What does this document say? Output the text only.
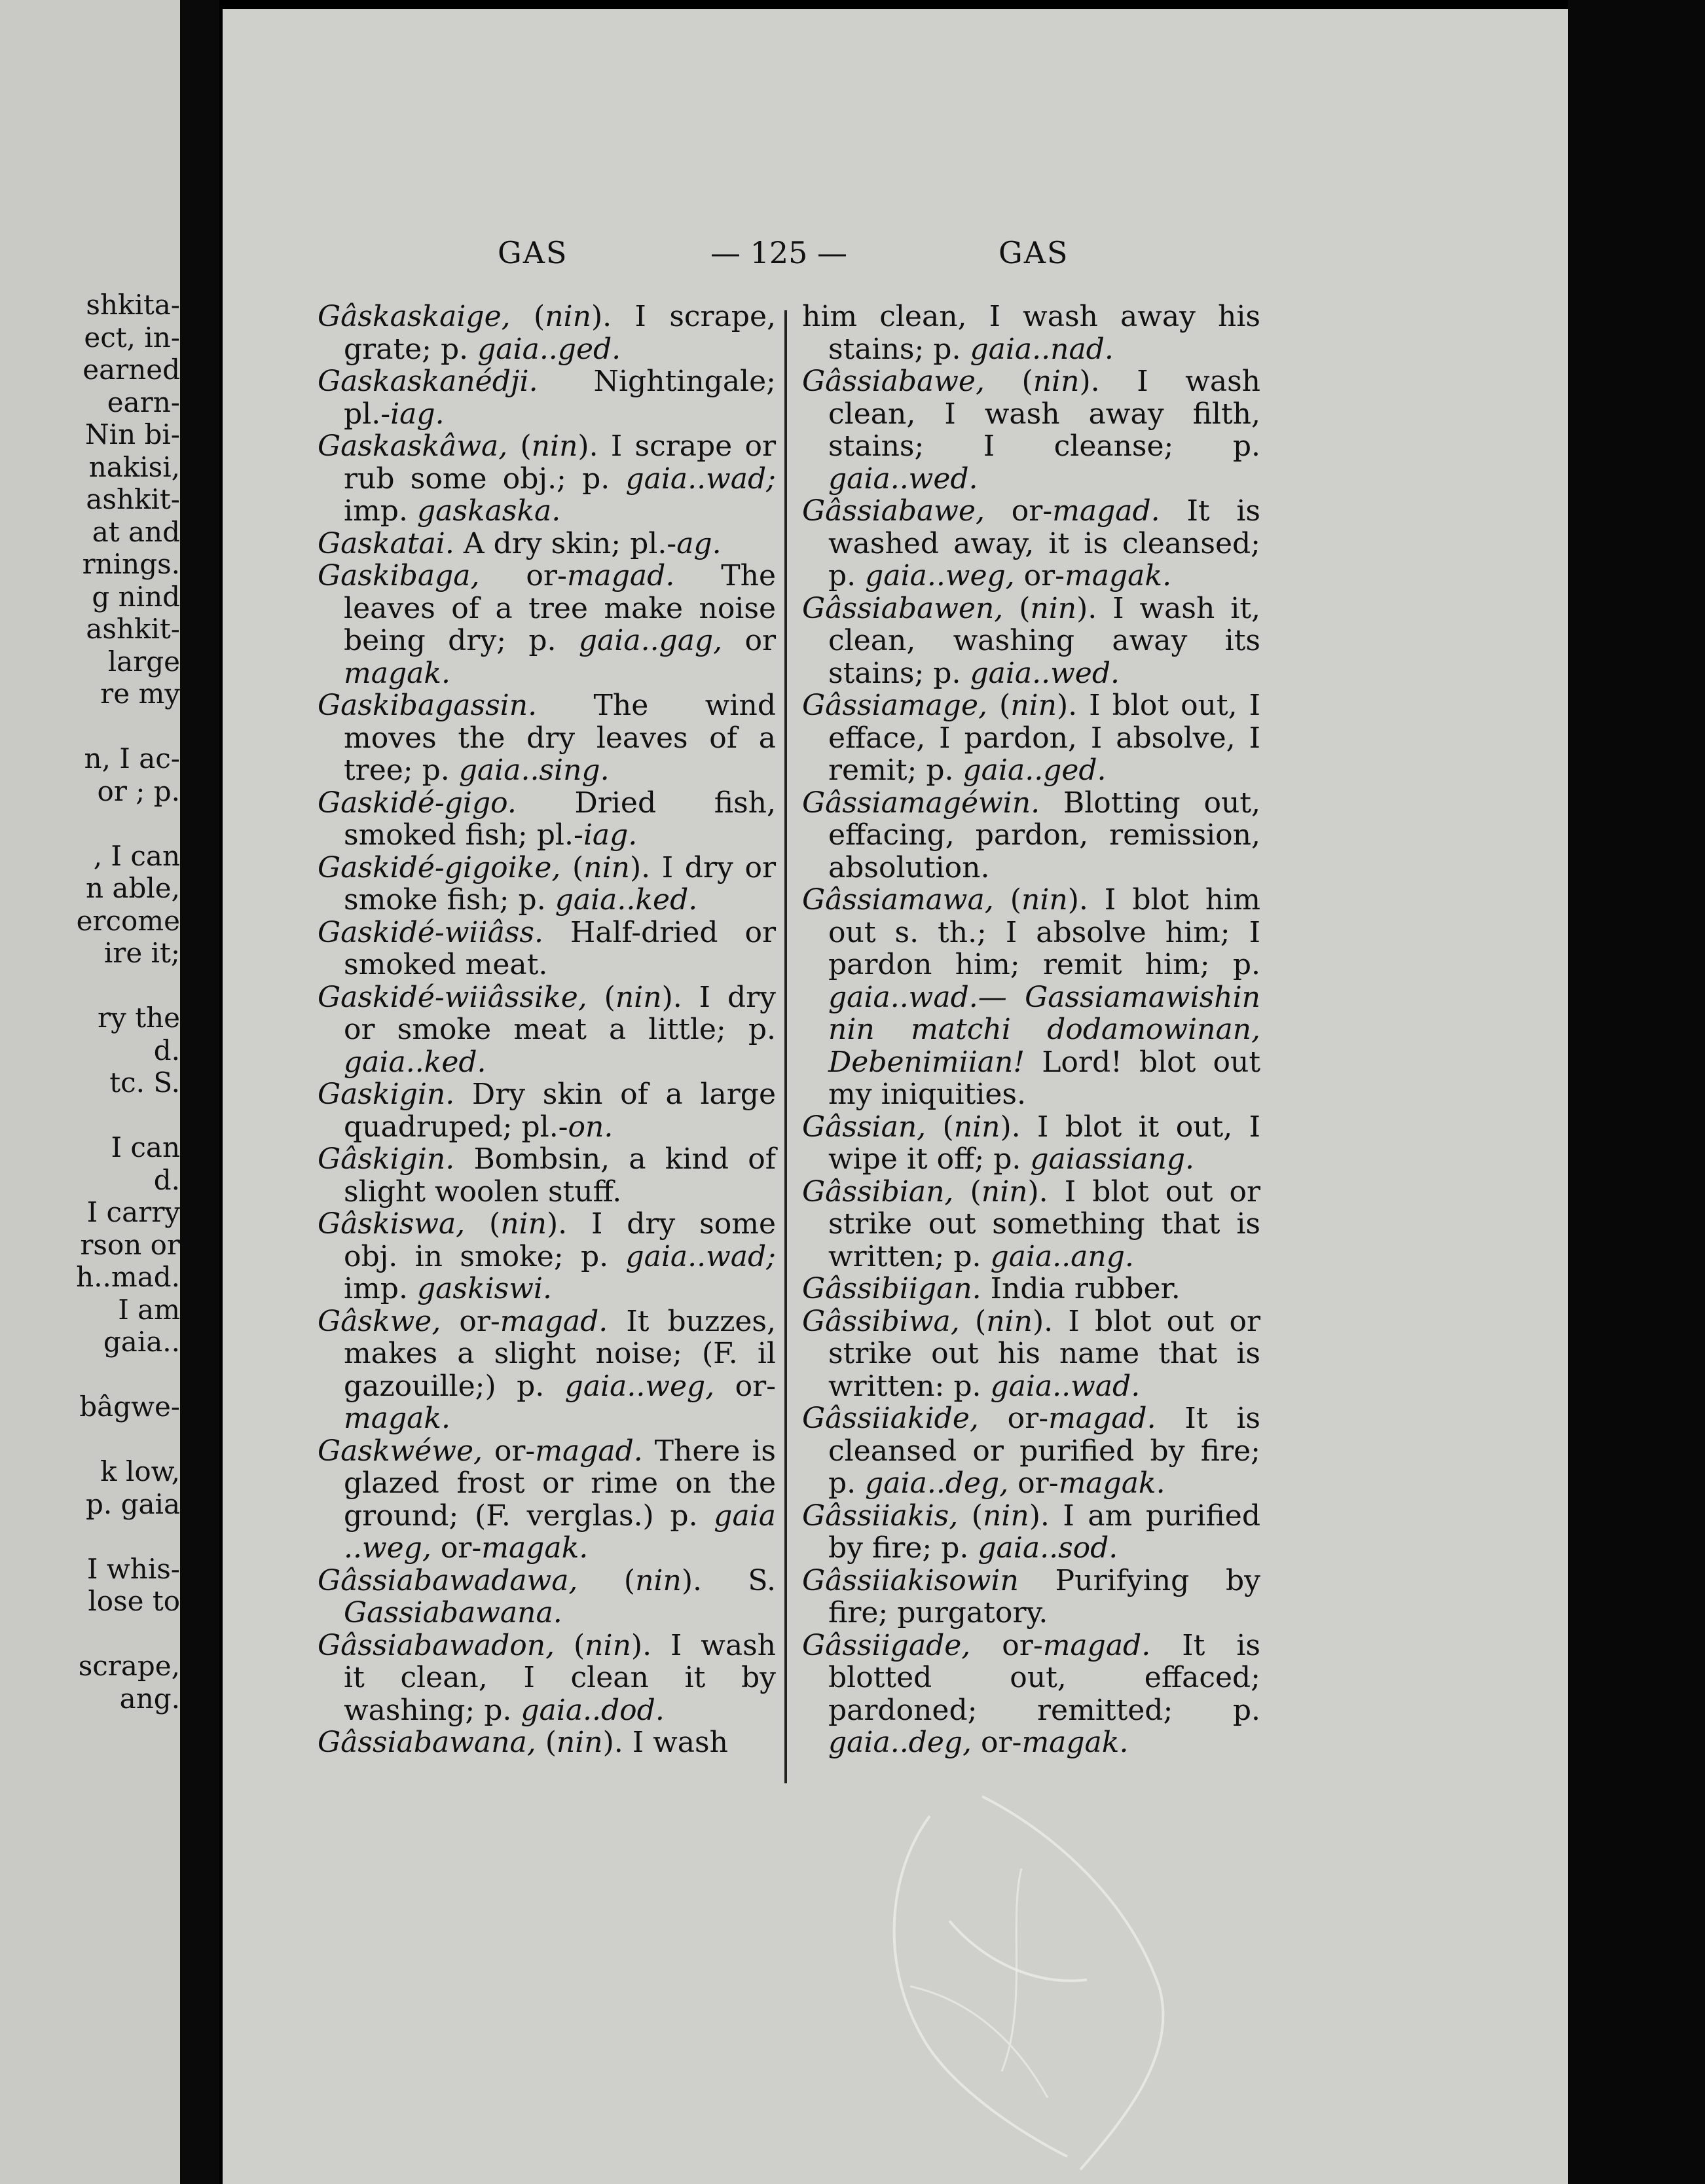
shkita-
ect, in-
earned
earn-
Nin bi-
nakisi,
ashkit-
at and
rnings.
g nind
ashkit-
large
re my
n, I ac-
or ; p.
, I can
n able,
ercome
ire it;
ry the
d.
tc. S.
I can
d.
I carry
rson or
h..mad.
I am
gaia..
bâgwe-
k low,
p. gaia
I whis-
lose to
scrape,
ang.
GAS	— 125 —	GAS

Gâskaskaige, (nin). I scrape, grate; p. gaia..ged.

Gaskaskanédji. Nightingale; pl.-iag.

Gaskaskâwa, (nin). I scrape or rub some obj.; p. gaia..wad; imp. gaskaska.

Gaskatai. A dry skin; pl.-ag.

Gaskibaga, or-magad. The leaves of a tree make noise being dry; p. gaia..gag, or magak.

Gaskibagassin. The wind moves the dry leaves of a tree; p. gaia..sing.

Gaskidé-gigo. Dried fish, smoked fish; pl.-iag.

Gaskidé-gigoike, (nin). I dry or smoke fish; p. gaia..ked.

Gaskidé-wiiâss. Half-dried or smoked meat.

Gaskidé-wiiâssike, (nin). I dry or smoke meat a little; p. gaia..ked.

Gaskigin. Dry skin of a large quadruped; pl.-on.

Gâskigin. Bombsin, a kind of slight woolen stuff.

Gâskiswa, (nin). I dry some obj. in smoke; p. gaia..wad; imp. gaskiswi.

Gâskwe, or-magad. It buzzes, makes a slight noise; (F. il gazouille;) p. gaia..weg, or-magak.

Gaskwéwe, or-magad. There is glazed frost or rime on the ground; (F. verglas.) p. gaia ..weg, or-magak.

Gâssiabawadawa, (nin). S. Gassiabawana.

Gâssiabawadon, (nin). I wash it clean, I clean it by washing; p. gaia..dod.

Gâssiabawana, (nin). I wash

him clean, I wash away his stains; p. gaia..nad.

Gâssiabawe, (nin). I wash clean, I wash away filth, stains; I cleanse; p. gaia..wed.

Gâssiabawe, or-magad. It is washed away, it is cleansed; p. gaia..weg, or-magak.

Gâssiabawen, (nin). I wash it, clean, washing away its stains; p. gaia..wed.

Gâssiamage, (nin). I blot out, I efface, I pardon, I absolve, I remit; p. gaia..ged.

Gâssiamagéwin. Blotting out, effacing, pardon, remission, absolution.

Gâssiamawa, (nin). I blot him out s. th.; I absolve him; I pardon him; remit him; p. gaia..wad.— Gassiamawishin nin matchi dodamowinan, Debenimiian! Lord! blot out my iniquities.

Gâssian, (nin). I blot it out, I wipe it off; p. gaiassiang.

Gâssibian, (nin). I blot out or strike out something that is written; p. gaia..ang.

Gâssibiigan. India rubber.

Gâssibiwa, (nin). I blot out or strike out his name that is written: p. gaia..wad.

Gâssiiakide, or-magad. It is cleansed or purified by fire; p. gaia..deg, or-magak.

Gâssiiakis, (nin). I am purified by fire; p. gaia..sod.

Gâssiiakisowin Purifying by fire; purgatory.

Gâssiigade, or-magad. It is blotted out, effaced; pardoned; remitted; p. gaia..deg, or-magak.
